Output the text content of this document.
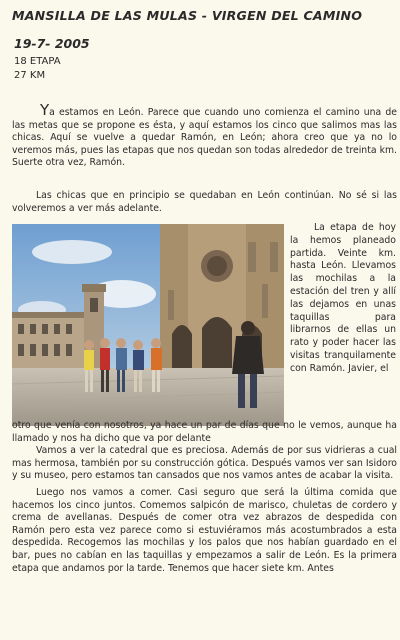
MANSILLA DE LAS MULAS - VIRGEN DEL CAMINO
19-7- 2005
18 ETAPA
27 KM
Ya estamos en León. Parece que cuando uno comienza el camino una de las metas que se propone es ésta, y aquí estamos los cinco que salimos mas las chicas. Aquí se vuelve a quedar Ramón, en León; ahora creo que ya no lo veremos más, pues las etapas que nos quedan son todas alrededor de treinta km. Suerte otra vez, Ramón.
Las chicas que en principio se quedaban en León continúan. No sé si las volveremos a ver más adelante.
La etapa de hoy la hemos planeado partida. Veinte km. hasta León. Llevamos las mochilas a la estación del tren y allí las dejamos en unas taquillas para librarnos de ellas un rato y poder hacer las visitas tranquilamente con Ramón. Javier, el
otro que venía con nosotros, ya hace un par de días que no le vemos, aunque ha llamado y nos ha dicho que va por delante
Vamos a ver la catedral que es preciosa. Además de por sus vidrieras a cual mas hermosa, también por su construcción gótica. Después vamos ver san Isidoro y su museo, pero estamos tan cansados que nos vamos antes de acabar la visita.
Luego nos vamos a comer. Casi seguro que será la última comida que hacemos los cinco juntos. Comemos salpicón de marisco, chuletas de cordero y crema de avellanas. Después de comer otra vez abrazos de despedida con Ramón pero esta vez parece como si estuviéramos más acostumbrados a esta despedida. Recogemos las mochilas y los palos que nos habían guardado en el bar, pues no cabían en las taquillas y empezamos a salir de León. Es la primera etapa que andamos por la tarde. Tenemos que hacer siete km. Antes
